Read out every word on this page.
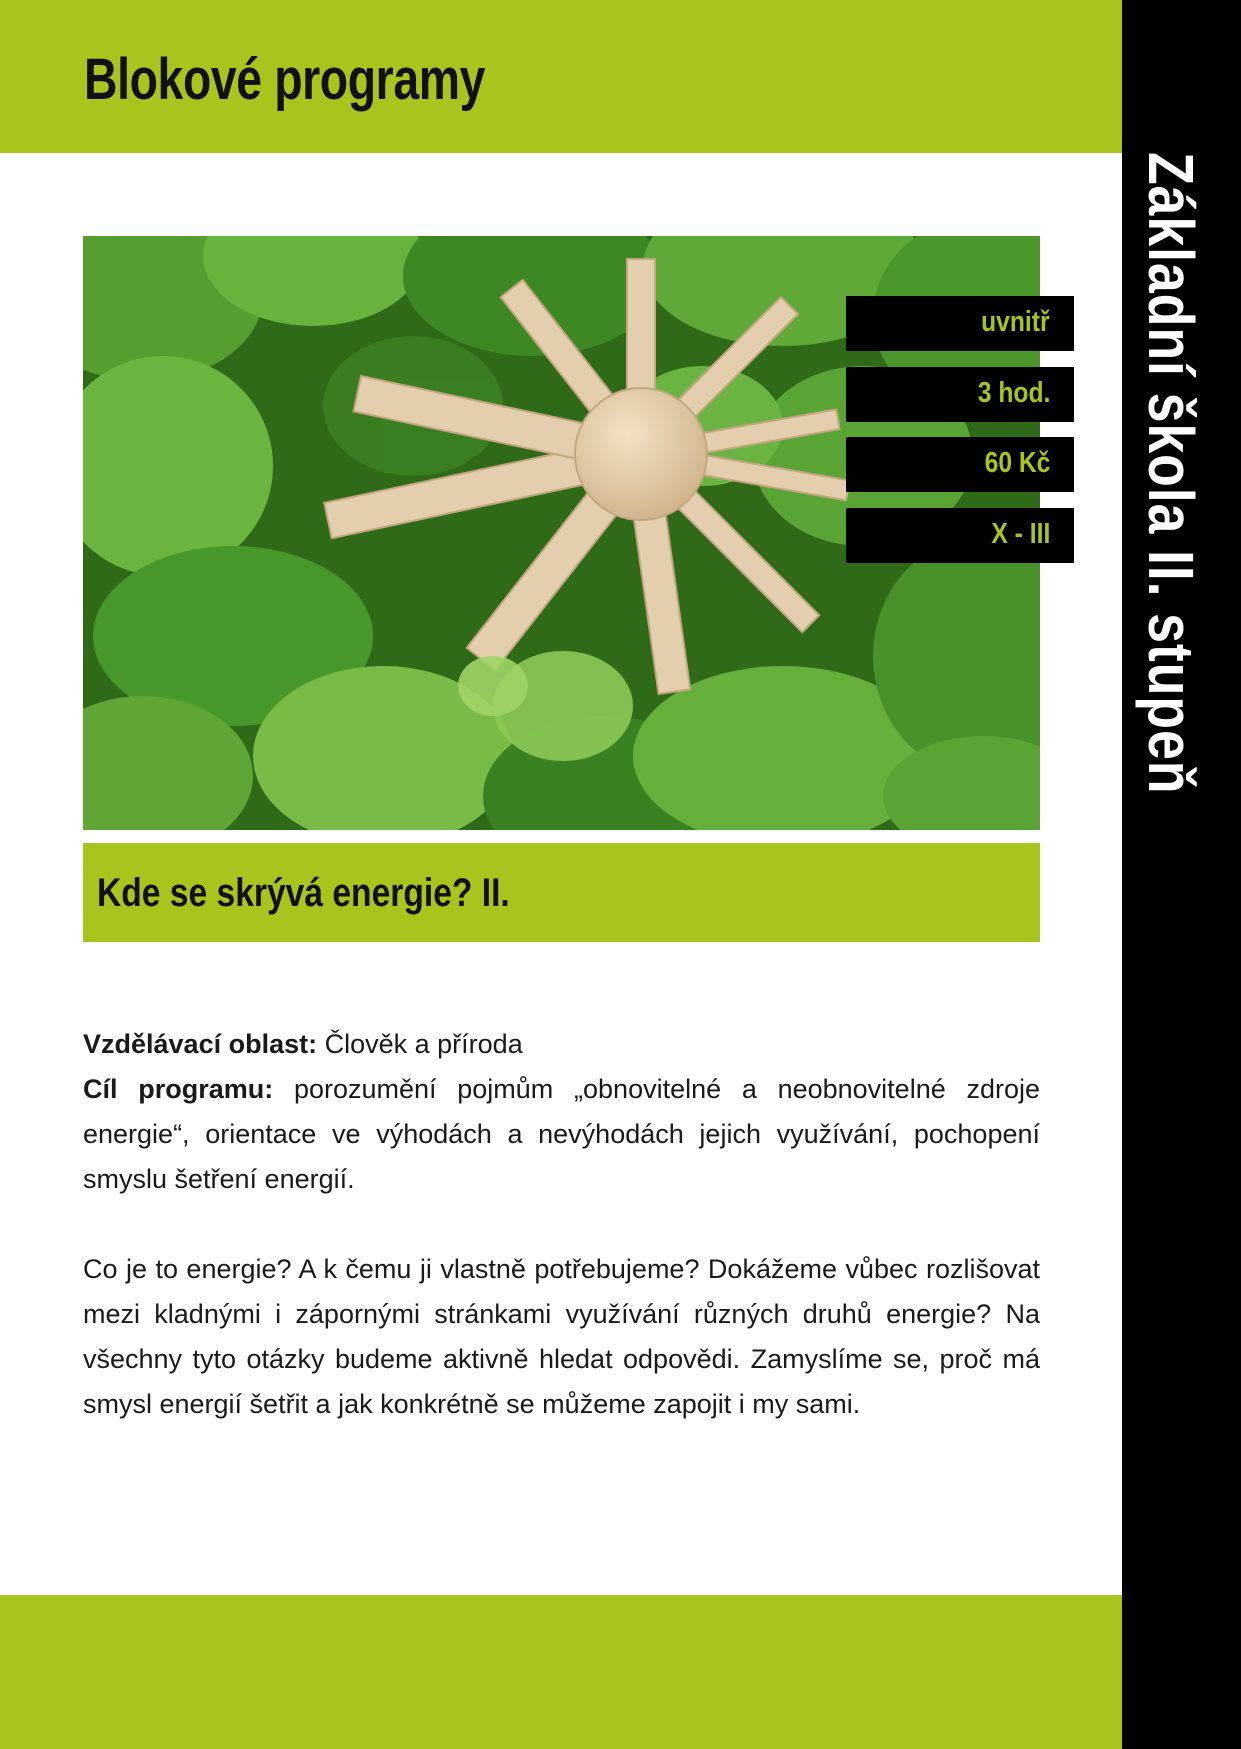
Blokové programy
Základní škola II. stupeň
uvnitř
3 hod.
60 Kč
X - III
Kde se skrývá energie? II.

Vzdělávací oblast: Člověk a příroda

Cíl programu: porozumění pojmům „obnovitelné a neobnovitelné zdroje energie“, orientace ve výhodách a nevýhodách jejich využívání, pochopení smyslu šetření energií.

Co je to energie? A k čemu ji vlastně potřebujeme? Dokážeme vůbec rozlišovat mezi kladnými i zápornými stránkami využívání různých druhů energie? Na všechny tyto otázky budeme aktivně hledat odpovědi. Zamyslíme se, proč má smysl energií šetřit a jak konkrétně se můžeme zapojit i my sami.
